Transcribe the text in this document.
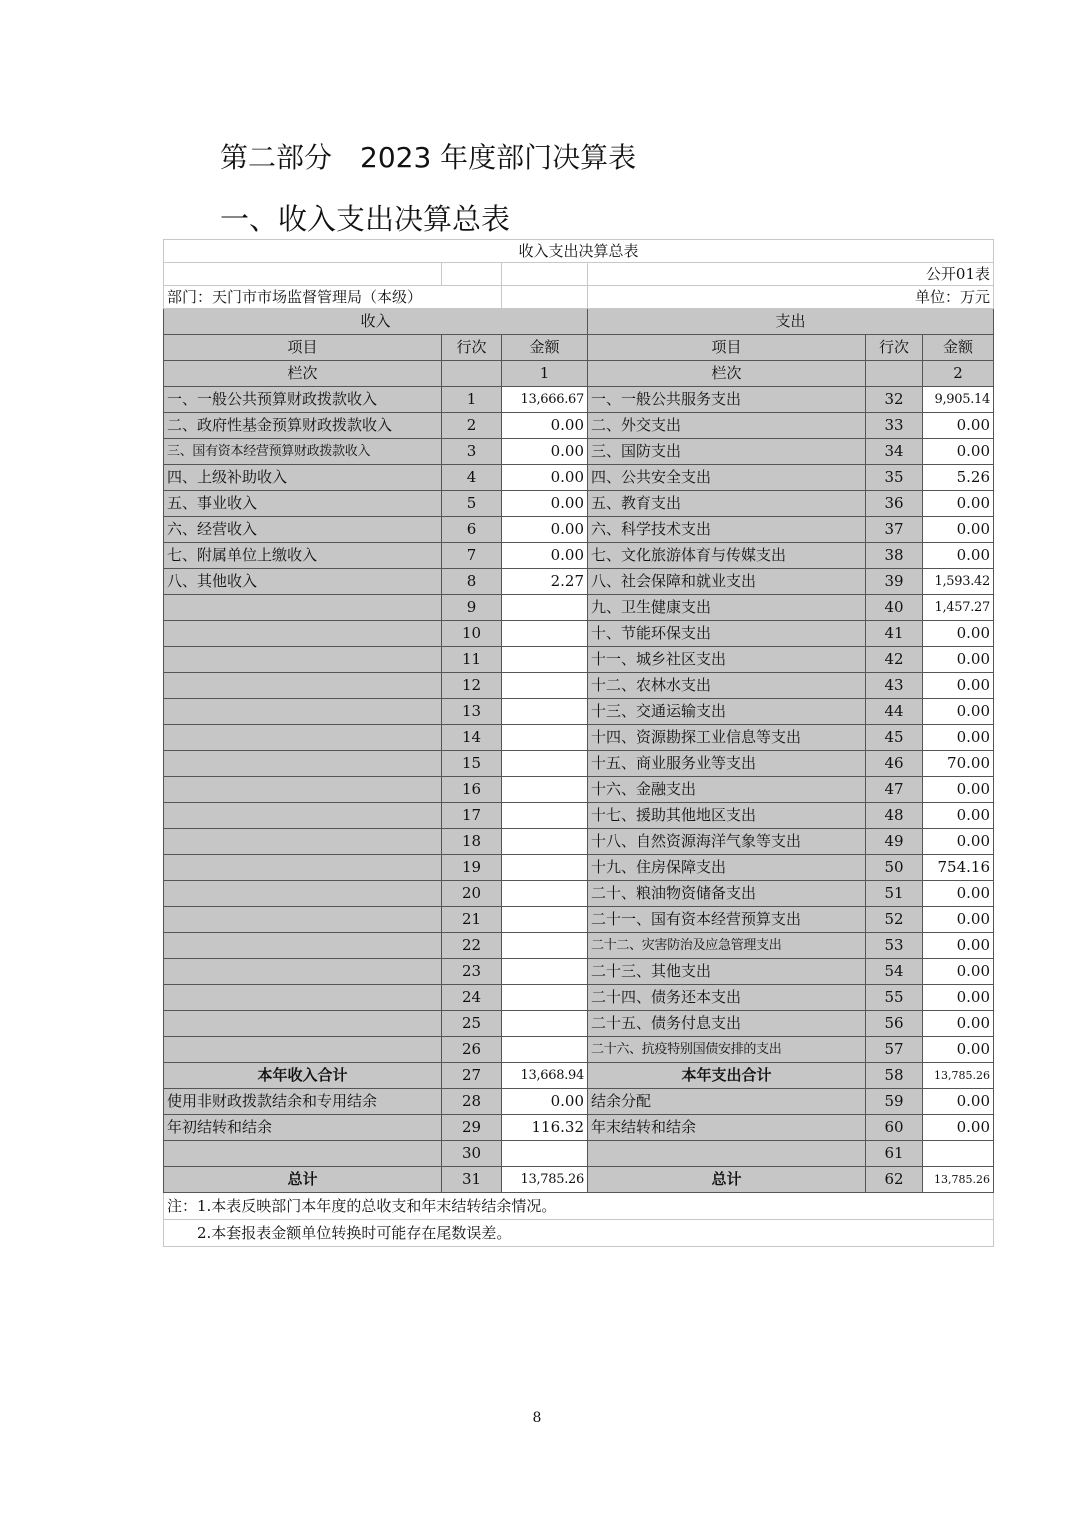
第二部分　2023 年度部门决算表
一、收入支出决算总表
收入支出决算总表					
			公开01表		
部门：天门市市场监督管理局（本级）			单位：万元		
收入			支出		
项目	行次	金额	项目	行次	金额
栏次		1	栏次		2
一、一般公共预算财政拨款收入	1	13,666.67	一、一般公共服务支出	32	9,905.14
二、政府性基金预算财政拨款收入	2	0.00	二、外交支出	33	0.00
三、国有资本经营预算财政拨款收入	3	0.00	三、国防支出	34	0.00
四、上级补助收入	4	0.00	四、公共安全支出	35	5.26
五、事业收入	5	0.00	五、教育支出	36	0.00
六、经营收入	6	0.00	六、科学技术支出	37	0.00
七、附属单位上缴收入	7	0.00	七、文化旅游体育与传媒支出	38	0.00
八、其他收入	8	2.27	八、社会保障和就业支出	39	1,593.42
	9		九、卫生健康支出	40	1,457.27
	10		十、节能环保支出	41	0.00
	11		十一、城乡社区支出	42	0.00
	12		十二、农林水支出	43	0.00
	13		十三、交通运输支出	44	0.00
	14		十四、资源勘探工业信息等支出	45	0.00
	15		十五、商业服务业等支出	46	70.00
	16		十六、金融支出	47	0.00
	17		十七、援助其他地区支出	48	0.00
	18		十八、自然资源海洋气象等支出	49	0.00
	19		十九、住房保障支出	50	754.16
	20		二十、粮油物资储备支出	51	0.00
	21		二十一、国有资本经营预算支出	52	0.00
	22		二十二、灾害防治及应急管理支出	53	0.00
	23		二十三、其他支出	54	0.00
	24		二十四、债务还本支出	55	0.00
	25		二十五、债务付息支出	56	0.00
	26		二十六、抗疫特别国债安排的支出	57	0.00
本年收入合计	27	13,668.94	本年支出合计	58	13,785.26
使用非财政拨款结余和专用结余	28	0.00	结余分配	59	0.00
年初结转和结余	29	116.32	年末结转和结余	60	0.00
	30			61	
总计	31	13,785.26	总计	62	13,785.26
注：1.本表反映部门本年度的总收支和年末结转结余情况。					
　　2.本套报表金额单位转换时可能存在尾数误差。					
8
